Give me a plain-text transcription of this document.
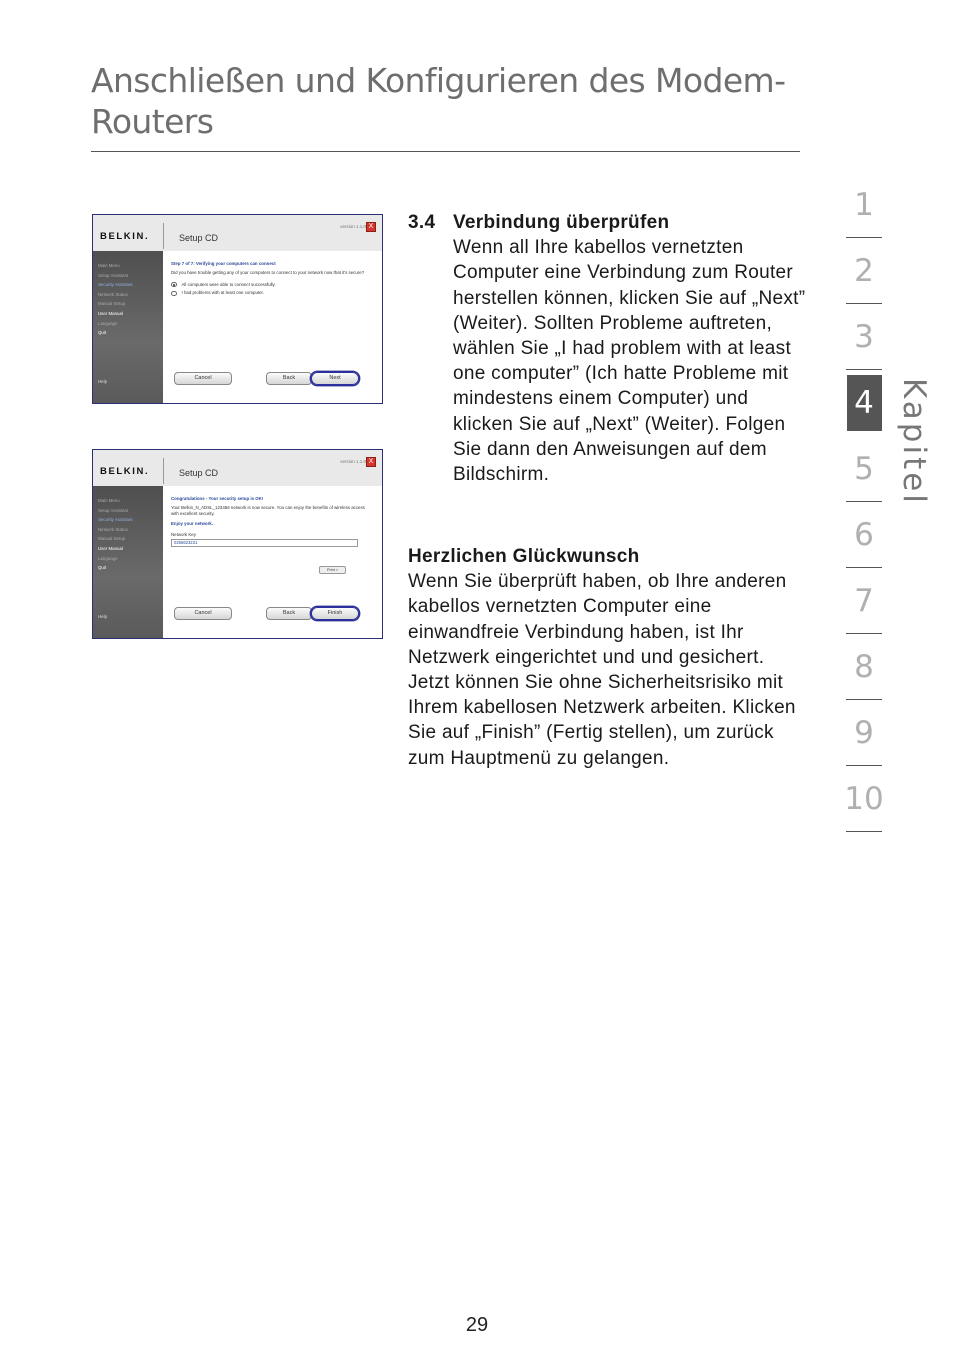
Anschließen und Konfigurieren des Modem-
Routers
BELKIN.	Setup CD
version 1.1.0 X
Main Menu
Setup Assistant
Security Assistant
Network Status
Manual Setup
User Manual
Language
Quit
Help
Step 7 of 7: Verifying your computers can connect
Did you have trouble getting any of your computers to connect to your network now that it's secure?
All computers were able to connect successfully.
I had problems with at least one computer.
Cancel	Back	Next
BELKIN.	Setup CD
version 1.1.0 X
Main Menu
Setup Assistant
Security Assistant
Network Status
Manual Setup
User Manual
Language
Quit
Help
Congratulations - Your security setup is OK!
Your Belkin_N_ADSL_123456 network is now secure. You can enjoy the benefits of wireless access with excellent security.
Enjoy your network.
Network Key
0256623231
Print >
Cancel	Back	Finish
3.4 Verbindung überprüfen

Wenn all Ihre kabellos vernetzten Computer eine Verbindung zum Router herstellen können, klicken Sie auf „Next” (Weiter). Sollten Probleme auftreten, wählen Sie „I had problem with at least one computer” (Ich hatte Probleme mit mindestens einem Computer) und klicken Sie auf „Next” (Weiter). Folgen Sie dann den Anweisungen auf dem Bildschirm.

Herzlichen Glückwunsch

Wenn Sie überprüft haben, ob Ihre anderen kabellos vernetzten Computer eine einwandfreie Verbindung haben, ist Ihr Netzwerk eingerichtet und und gesichert. Jetzt können Sie ohne Sicherheitsrisiko mit Ihrem kabellosen Netzwerk arbeiten. Klicken Sie auf „Finish” (Fertig stellen), um zurück zum Hauptmenü zu gelangen.

1
2
3
4
5
6
7
8
9
10
Kapitel
29
